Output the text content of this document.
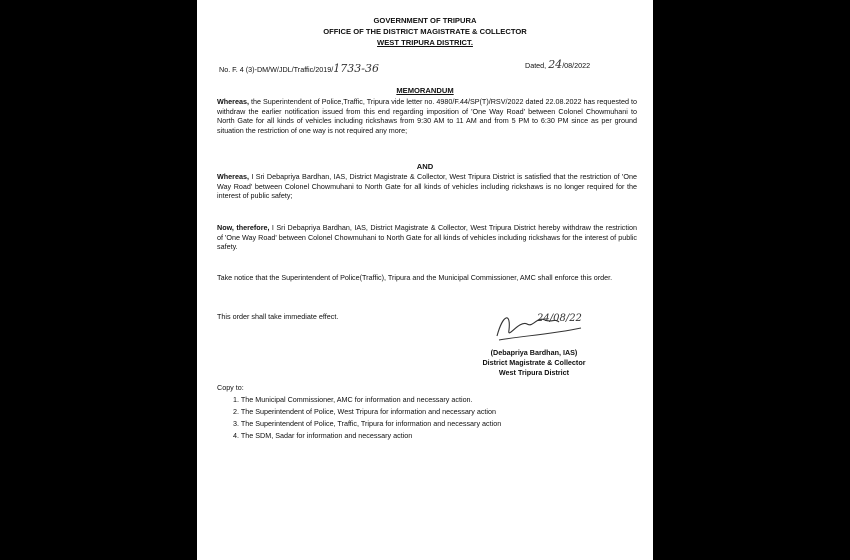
GOVERNMENT OF TRIPURA
OFFICE OF THE DISTRICT MAGISTRATE & COLLECTOR
WEST TRIPURA DISTRICT.
No. F. 4 (3)-DM/W/JDL/Traffic/2019/1733-36	Dated, 24/08/2022
MEMORANDUM
Whereas, the Superintendent of Police,Traffic, Tripura vide letter no. 4980/F.44/SP(T)/RSV/2022 dated 22.08.2022 has requested to withdraw the earlier notification issued from this end regarding imposition of 'One Way Road' between Colonel Chowmuhani to North Gate for all kinds of vehicles including rickshaws from 9:30 AM to 11 AM and from 5 PM to 6:30 PM since as per ground situation the restriction of one way is not required any more;
AND
Whereas, I Sri Debapriya Bardhan, IAS, District Magistrate & Collector, West Tripura District is satisfied that the restriction of 'One Way Road' between Colonel Chowmuhani to North Gate for all kinds of vehicles including rickshaws is no longer required for the interest of public safety;
Now, therefore, I Sri Debapriya Bardhan, IAS, District Magistrate & Collector, West Tripura District hereby withdraw the restriction of 'One Way Road' between Colonel Chowmuhani to North Gate for all kinds of vehicles including rickshaws for the interest of public safety.
Take notice that the Superintendent of Police(Traffic), Tripura and the Municipal Commissioner, AMC shall enforce this order.
This order shall take immediate effect.	24/08/22
(Debapriya Bardhan, IAS)
District Magistrate & Collector
West Tripura District
Copy to:
1. The Municipal Commissioner, AMC for information and necessary action.
2. The Superintendent of Police, West Tripura for information and necessary action
3. The Superintendent of Police, Traffic, Tripura for information and necessary action
4. The SDM, Sadar for information and necessary action
